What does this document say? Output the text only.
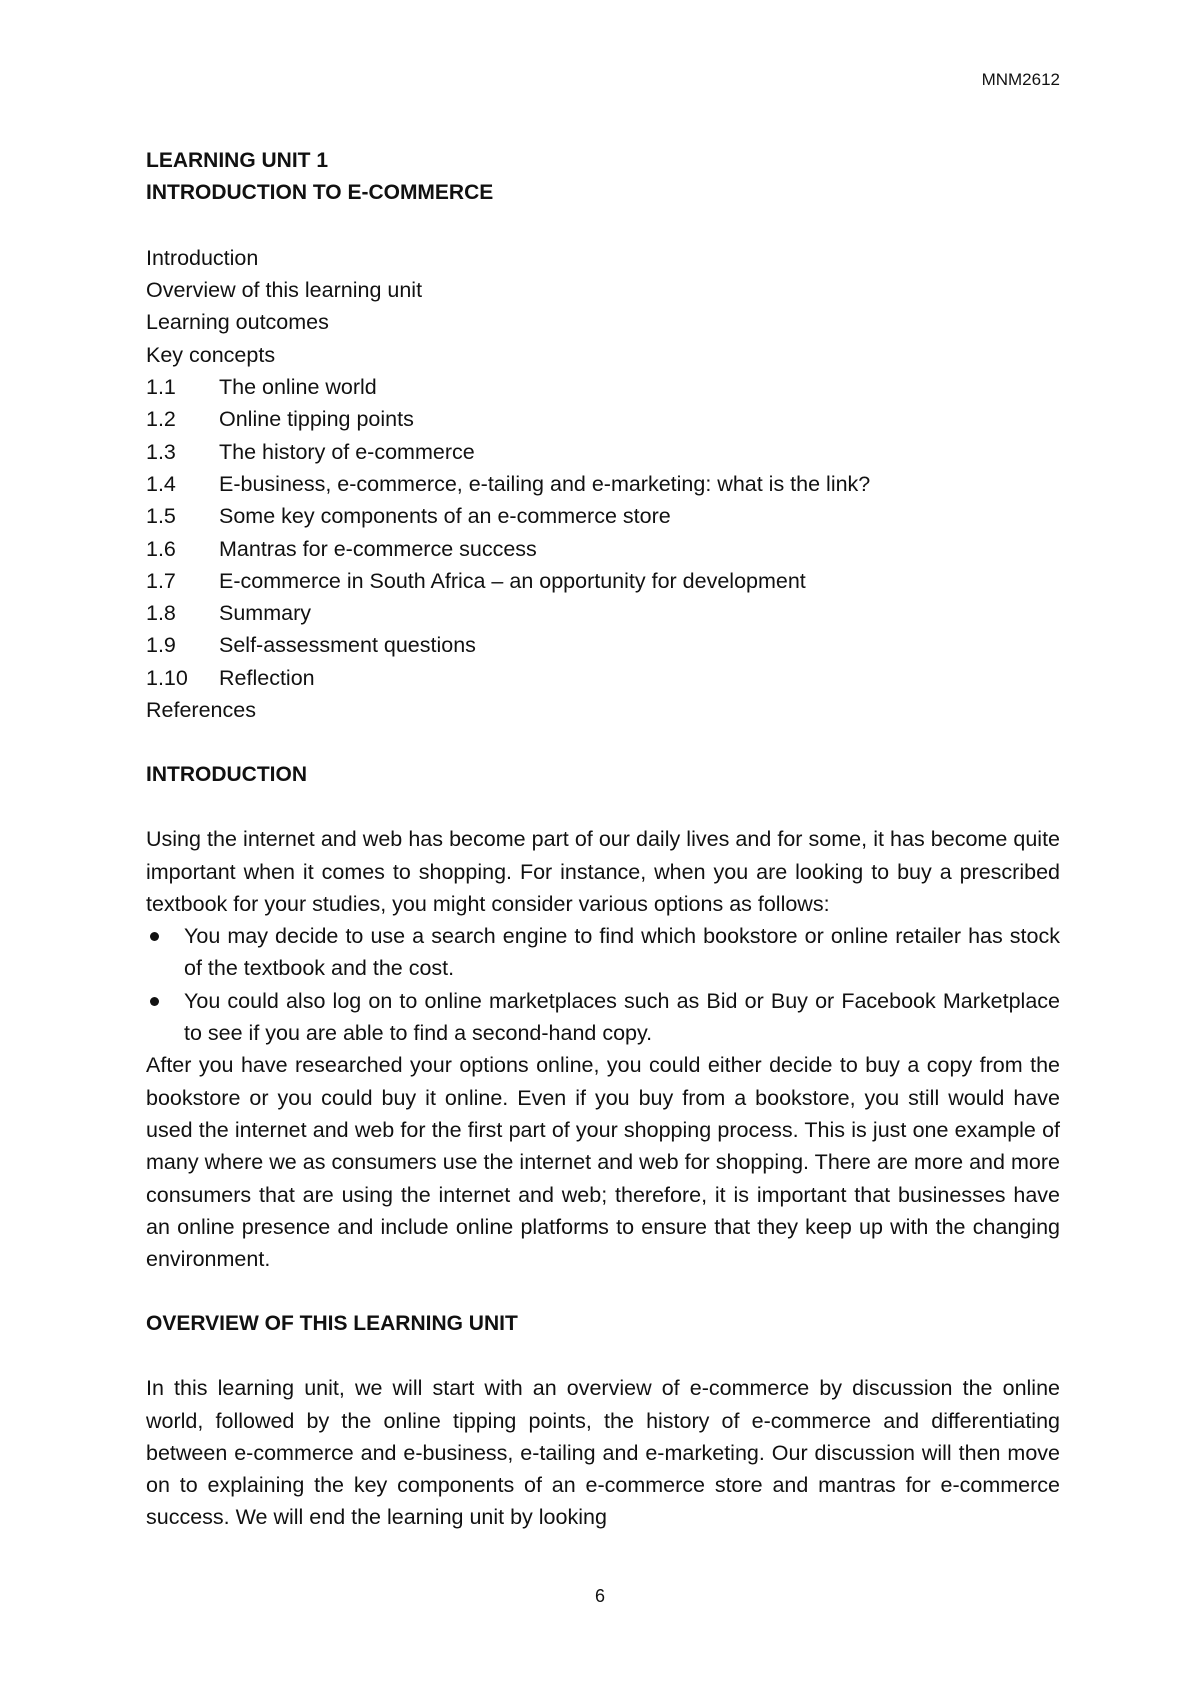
MNM2612
LEARNING UNIT 1
INTRODUCTION TO E-COMMERCE
Introduction
Overview of this learning unit
Learning outcomes
Key concepts
1.1	The online world
1.2	Online tipping points
1.3	The history of e-commerce
1.4	E-business, e-commerce, e-tailing and e-marketing: what is the link?
1.5	Some key components of an e-commerce store
1.6	Mantras for e-commerce success
1.7	E-commerce in South Africa – an opportunity for development
1.8	Summary
1.9	Self-assessment questions
1.10	Reflection
References
INTRODUCTION

Using the internet and web has become part of our daily lives and for some, it has become quite important when it comes to shopping. For instance, when you are looking to buy a prescribed textbook for your studies, you might consider various options as follows:

You may decide to use a search engine to find which bookstore or online retailer has stock of the textbook and the cost.
You could also log on to online marketplaces such as Bid or Buy or Facebook Marketplace to see if you are able to find a second-hand copy.

After you have researched your options online, you could either decide to buy a copy from the bookstore or you could buy it online. Even if you buy from a bookstore, you still would have used the internet and web for the first part of your shopping process. This is just one example of many where we as consumers use the internet and web for shopping. There are more and more consumers that are using the internet and web; therefore, it is important that businesses have an online presence and include online platforms to ensure that they keep up with the changing environment.

OVERVIEW OF THIS LEARNING UNIT

In this learning unit, we will start with an overview of e-commerce by discussion the online world, followed by the online tipping points, the history of e-commerce and differentiating between e-commerce and e-business, e-tailing and e-marketing. Our discussion will then move on to explaining the key components of an e-commerce store and mantras for e-commerce success. We will end the learning unit by looking

6
